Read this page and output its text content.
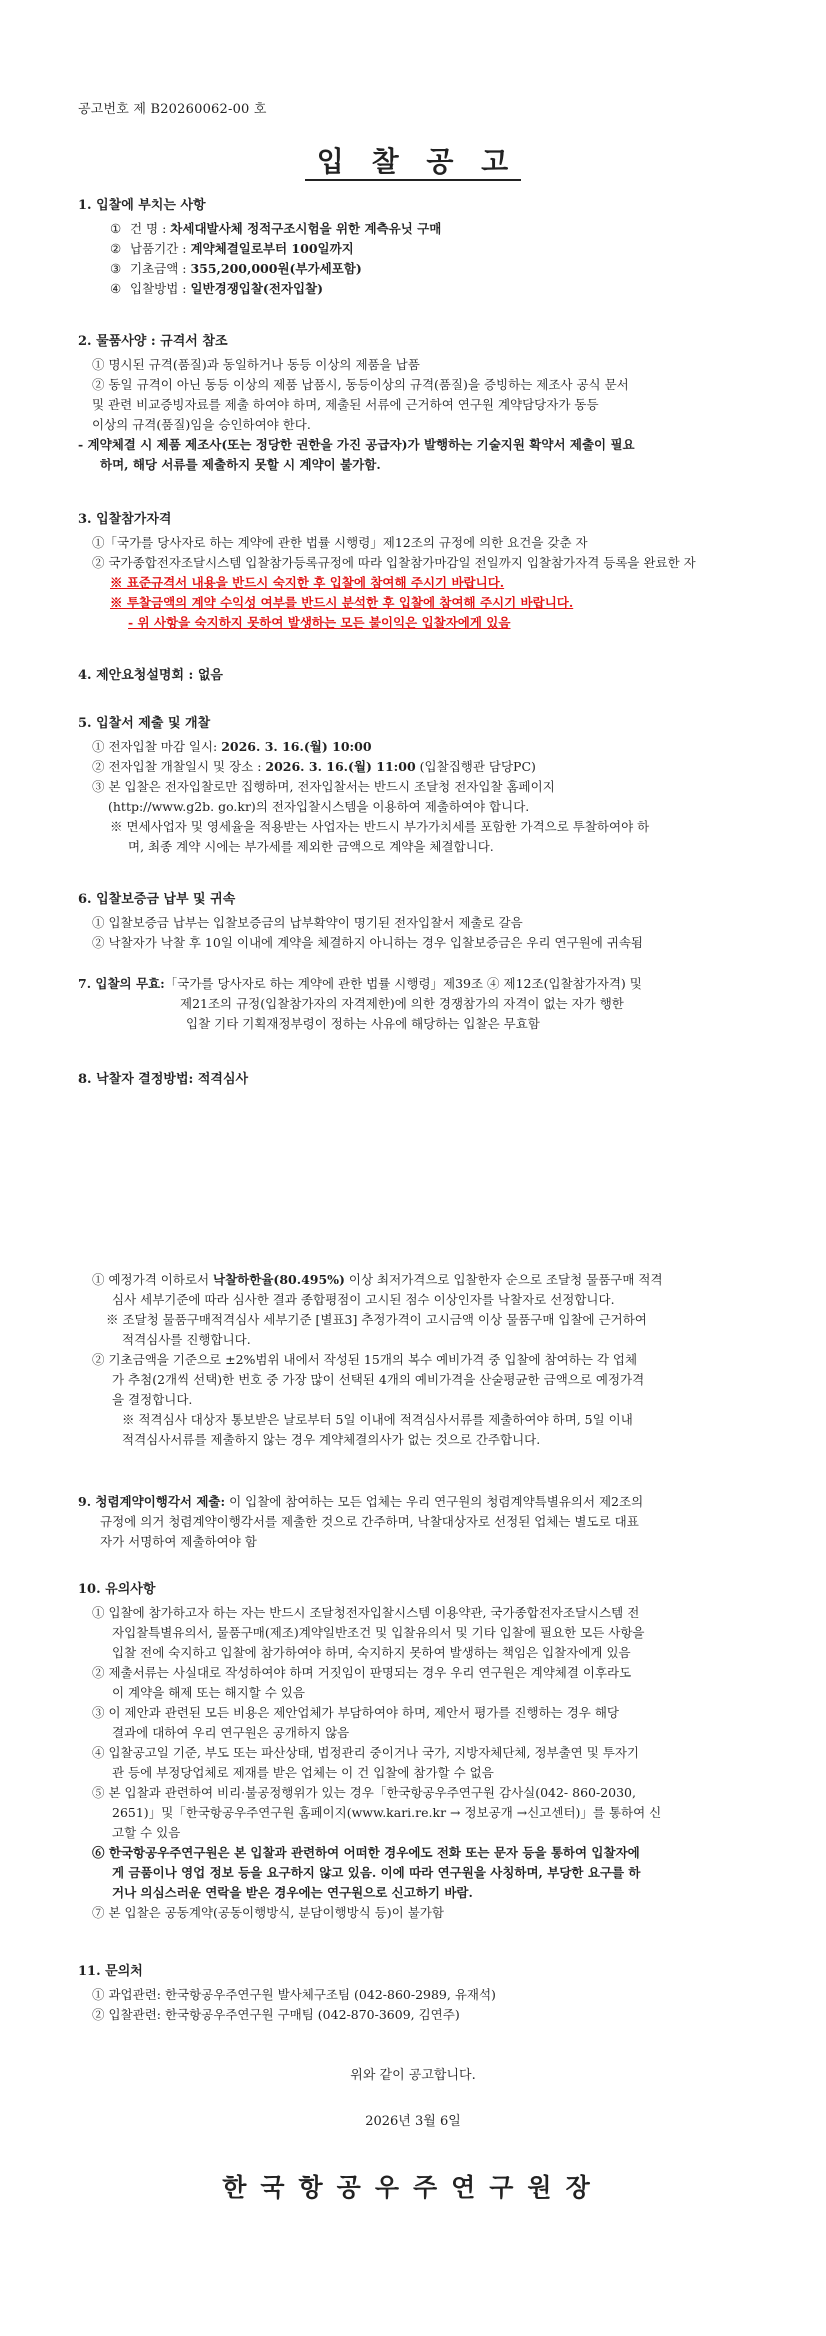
공고번호 제 B20260062-00 호
입 찰 공 고
1. 입찰에 부치는 사항
① 건 명 : 차세대발사체 정적구조시험을 위한 계측유닛 구매
② 납품기간 : 계약체결일로부터 100일까지
③ 기초금액 : 355,200,000원(부가세포함)
④ 입찰방법 : 일반경쟁입찰(전자입찰)
2. 물품사양 : 규격서 참조
① 명시된 규격(품질)과 동일하거나 동등 이상의 제품을 납품
② 동일 규격이 아닌 동등 이상의 제품 납품시, 동등이상의 규격(품질)을 증빙하는 제조사 공식 문서
및 관련 비교증빙자료를 제출 하여야 하며, 제출된 서류에 근거하여 연구원 계약담당자가 동등
이상의 규격(품질)임을 승인하여야 한다.
- 계약체결 시 제품 제조사(또는 정당한 권한을 가진 공급자)가 발행하는 기술지원 확약서 제출이 필요
하며, 해당 서류를 제출하지 못할 시 계약이 불가함.
3. 입찰참가자격
①「국가를 당사자로 하는 계약에 관한 법률 시행령」제12조의 규정에 의한 요건을 갖춘 자
② 국가종합전자조달시스템 입찰참가등록규정에 따라 입찰참가마감일 전일까지 입찰참가자격 등록을 완료한 자
※ 표준규격서 내용을 반드시 숙지한 후 입찰에 참여해 주시기 바랍니다.
※ 투찰금액의 계약 수익성 여부를 반드시 분석한 후 입찰에 참여해 주시기 바랍니다.
- 위 사항을 숙지하지 못하여 발생하는 모든 불이익은 입찰자에게 있음
4. 제안요청설명회 : 없음
5. 입찰서 제출 및 개찰
① 전자입찰 마감 일시: 2026. 3. 16.(월) 10:00
② 전자입찰 개찰일시 및 장소 : 2026. 3. 16.(월) 11:00 (입찰집행관 담당PC)
③ 본 입찰은 전자입찰로만 집행하며, 전자입찰서는 반드시 조달청 전자입찰 홈페이지
(http://www.g2b. go.kr)의 전자입찰시스템을 이용하여 제출하여야 합니다.
※ 면세사업자 및 영세율을 적용받는 사업자는 반드시 부가가치세를 포함한 가격으로 투찰하여야 하
며, 최종 계약 시에는 부가세를 제외한 금액으로 계약을 체결합니다.
6. 입찰보증금 납부 및 귀속
① 입찰보증금 납부는 입찰보증금의 납부확약이 명기된 전자입찰서 제출로 갈음
② 낙찰자가 낙찰 후 10일 이내에 계약을 체결하지 아니하는 경우 입찰보증금은 우리 연구원에 귀속됨
7. 입찰의 무효:「국가를 당사자로 하는 계약에 관한 법률 시행령」제39조 ④ 제12조(입찰참가자격) 및
제21조의 규정(입찰참가자의 자격제한)에 의한 경쟁참가의 자격이 없는 자가 행한
입찰 기타 기획재정부령이 정하는 사유에 해당하는 입찰은 무효함
8. 낙찰자 결정방법: 적격심사
① 예정가격 이하로서 낙찰하한율(80.495%) 이상 최저가격으로 입찰한자 순으로 조달청 물품구매 적격
심사 세부기준에 따라 심사한 결과 종합평점이 고시된 점수 이상인자를 낙찰자로 선정합니다.
※ 조달청 물품구매적격심사 세부기준 [별표3] 추정가격이 고시금액 이상 물품구매 입찰에 근거하여
적격심사를 진행합니다.
② 기초금액을 기준으로 ±2%범위 내에서 작성된 15개의 복수 예비가격 중 입찰에 참여하는 각 업체
가 추첨(2개씩 선택)한 번호 중 가장 많이 선택된 4개의 예비가격을 산술평균한 금액으로 예정가격
을 결정합니다.
※ 적격심사 대상자 통보받은 날로부터 5일 이내에 적격심사서류를 제출하여야 하며, 5일 이내
적격심사서류를 제출하지 않는 경우 계약체결의사가 없는 것으로 간주합니다.
9. 청렴계약이행각서 제출: 이 입찰에 참여하는 모든 업체는 우리 연구원의 청렴계약특별유의서 제2조의
규정에 의거 청렴계약이행각서를 제출한 것으로 간주하며, 낙찰대상자로 선정된 업체는 별도로 대표
자가 서명하여 제출하여야 함
10. 유의사항
① 입찰에 참가하고자 하는 자는 반드시 조달청전자입찰시스템 이용약관, 국가종합전자조달시스템 전
자입찰특별유의서, 물품구매(제조)계약일반조건 및 입찰유의서 및 기타 입찰에 필요한 모든 사항을
입찰 전에 숙지하고 입찰에 참가하여야 하며, 숙지하지 못하여 발생하는 책임은 입찰자에게 있음
② 제출서류는 사실대로 작성하여야 하며 거짓임이 판명되는 경우 우리 연구원은 계약체결 이후라도
이 계약을 해제 또는 해지할 수 있음
③ 이 제안과 관련된 모든 비용은 제안업체가 부담하여야 하며, 제안서 평가를 진행하는 경우 해당
결과에 대하여 우리 연구원은 공개하지 않음
④ 입찰공고일 기준, 부도 또는 파산상태, 법정관리 중이거나 국가, 지방자체단체, 정부출연 및 투자기
관 등에 부정당업체로 제재를 받은 업체는 이 건 입찰에 참가할 수 없음
⑤ 본 입찰과 관련하여 비리·불공정행위가 있는 경우「한국항공우주연구원 감사실(042- 860-2030,
2651)」및「한국항공우주연구원 홈페이지(www.kari.re.kr → 정보공개 →신고센터)」를 통하여 신
고할 수 있음
⑥ 한국항공우주연구원은 본 입찰과 관련하여 어떠한 경우에도 전화 또는 문자 등을 통하여 입찰자에
게 금품이나 영업 정보 등을 요구하지 않고 있음. 이에 따라 연구원을 사칭하며, 부당한 요구를 하
거나 의심스러운 연락을 받은 경우에는 연구원으로 신고하기 바람.
⑦ 본 입찰은 공동계약(공동이행방식, 분담이행방식 등)이 불가함
11. 문의처
① 과업관련: 한국항공우주연구원 발사체구조팀 (042-860-2989, 유재석)
② 입찰관련: 한국항공우주연구원 구매팀 (042-870-3609, 김연주)
위와 같이 공고합니다.
2026년 3월 6일
한국항공우주연구원장
